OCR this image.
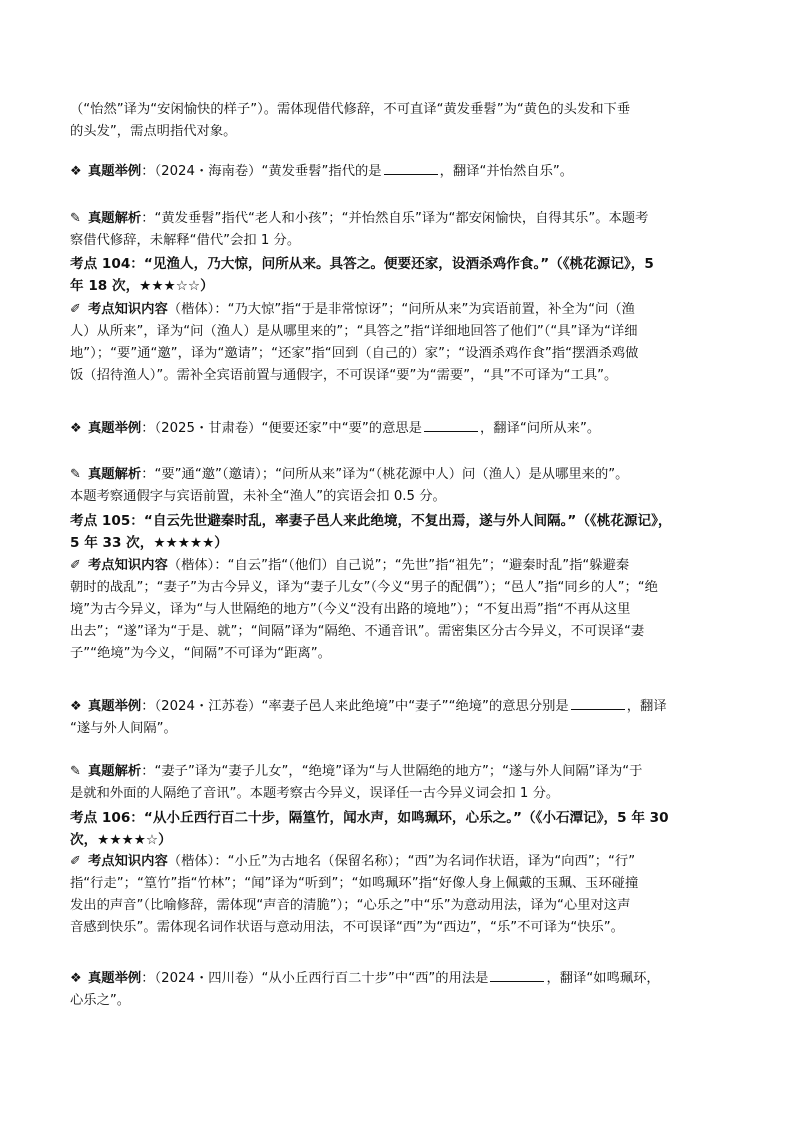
（“怡然”译为“安闲愉快的样子”）。需体现借代修辞，不可直译“黄发垂髫”为“黄色的头发和下垂
的头发”，需点明指代对象。
❖ 真题举例：（2024・海南卷）“黄发垂髫”指代的是	，翻译“并怡然自乐”。
✎ 真题解析：“黄发垂髫”指代“老人和小孩”；“并怡然自乐”译为“都安闲愉快，自得其乐”。本题考
察借代修辞，未解释“借代”会扣 1 分。
考点 104：“见渔人，乃大惊，问所从来。具答之。便要还家，设酒杀鸡作食。”（《桃花源记》，5
年 18 次，★★★☆☆）
✐ 考点知识内容（楷体）：“乃大惊”指“于是非常惊讶”；“问所从来”为宾语前置，补全为“问（渔
人）从所来”，译为“问（渔人）是从哪里来的”；“具答之”指“详细地回答了他们”（“具”译为“详细
地”）；“要”通“邀”，译为“邀请”；“还家”指“回到（自己的）家”；“设酒杀鸡作食”指“摆酒杀鸡做
饭（招待渔人）”。需补全宾语前置与通假字，不可误译“要”为“需要”，“具”不可译为“工具”。
❖ 真题举例：（2025・甘肃卷）“便要还家”中“要”的意思是	，翻译“问所从来”。
✎ 真题解析：“要”通“邀”（邀请）；“问所从来”译为“（桃花源中人）问（渔人）是从哪里来的”。
本题考察通假字与宾语前置，未补全“渔人”的宾语会扣 0.5 分。
考点 105：“自云先世避秦时乱，率妻子邑人来此绝境，不复出焉，遂与外人间隔。”（《桃花源记》，
5 年 33 次，★★★★★）
✐ 考点知识内容（楷体）：“自云”指“（他们）自己说”；“先世”指“祖先”；“避秦时乱”指“躲避秦
朝时的战乱”；“妻子”为古今异义，译为“妻子儿女”（今义“男子的配偶”）；“邑人”指“同乡的人”；“绝
境”为古今异义，译为“与人世隔绝的地方”（今义“没有出路的境地”）；“不复出焉”指“不再从这里
出去”；“遂”译为“于是、就”；“间隔”译为“隔绝、不通音讯”。需密集区分古今异义，不可误译“妻
子”“绝境”为今义，“间隔”不可译为“距离”。
❖ 真题举例：（2024・江苏卷）“率妻子邑人来此绝境”中“妻子”“绝境”的意思分别是	，翻译
“遂与外人间隔”。
✎ 真题解析：“妻子”译为“妻子儿女”，“绝境”译为“与人世隔绝的地方”；“遂与外人间隔”译为“于
是就和外面的人隔绝了音讯”。本题考察古今异义，误译任一古今异义词会扣 1 分。
考点 106：“从小丘西行百二十步，隔篁竹，闻水声，如鸣珮环，心乐之。”（《小石潭记》，5 年 30
次，★★★★☆）
✐ 考点知识内容（楷体）：“小丘”为古地名（保留名称）；“西”为名词作状语，译为“向西”；“行”
指“行走”；“篁竹”指“竹林”；“闻”译为“听到”；“如鸣珮环”指“好像人身上佩戴的玉珮、玉环碰撞
发出的声音”（比喻修辞，需体现“声音的清脆”）；“心乐之”中“乐”为意动用法，译为“心里对这声
音感到快乐”。需体现名词作状语与意动用法，不可误译“西”为“西边”，“乐”不可译为“快乐”。
❖ 真题举例：（2024・四川卷）“从小丘西行百二十步”中“西”的用法是	，翻译“如鸣珮环，
心乐之”。
